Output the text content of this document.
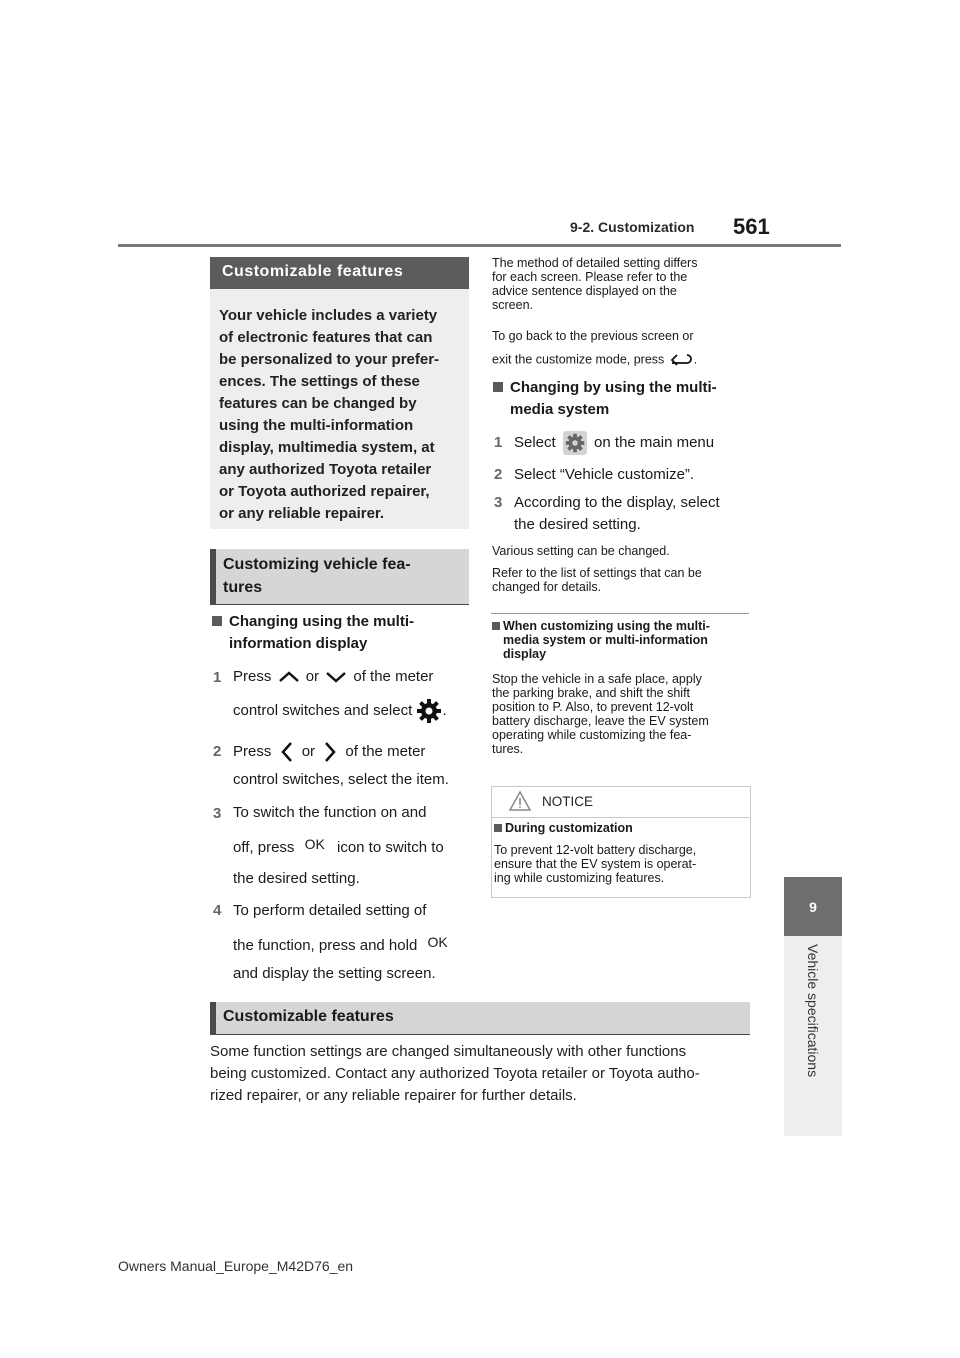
9-2. Customization 561
9
Vehicle specifications
Customizable features
Your vehicle includes a variety
of electronic features that can
be personalized to your prefer-
ences. The settings of these
features can be changed by
using the multi-information
display, multimedia system, at
any authorized Toyota retailer
or Toyota authorized repairer,
or any reliable repairer.
Customizing vehicle fea-
tures
Changing using the multi-
information display
1 Press or of the meter
control switches and select .
2 Press or of the meter
control switches, select the item.
3 To switch the function on and
off, press OK icon to switch to
the desired setting.
4 To perform detailed setting of
the function, press and hold OK
and display the setting screen.
The method of detailed setting differs
for each screen. Please refer to the
advice sentence displayed on the
screen.
To go back to the previous screen or
exit the customize mode, press .
Changing by using the multi-
media system
1 Select	on the main menu
2 Select “Vehicle customize”.
3 According to the display, select
the desired setting.
Various setting can be changed.
Refer to the list of settings that can be
changed for details.
When customizing using the multi-
media system or multi-information
display
Stop the vehicle in a safe place, apply
the parking brake, and shift the shift
position to P. Also, to prevent 12-volt
battery discharge, leave the EV system
operating while customizing the fea-
tures.
NOTICE
During customization
To prevent 12-volt battery discharge,
ensure that the EV system is operat-
ing while customizing features.
Customizable features
Some function settings are changed simultaneously with other functions
being customized. Contact any authorized Toyota retailer or Toyota autho-
rized repairer, or any reliable repairer for further details.
Owners Manual_Europe_M42D76_en
